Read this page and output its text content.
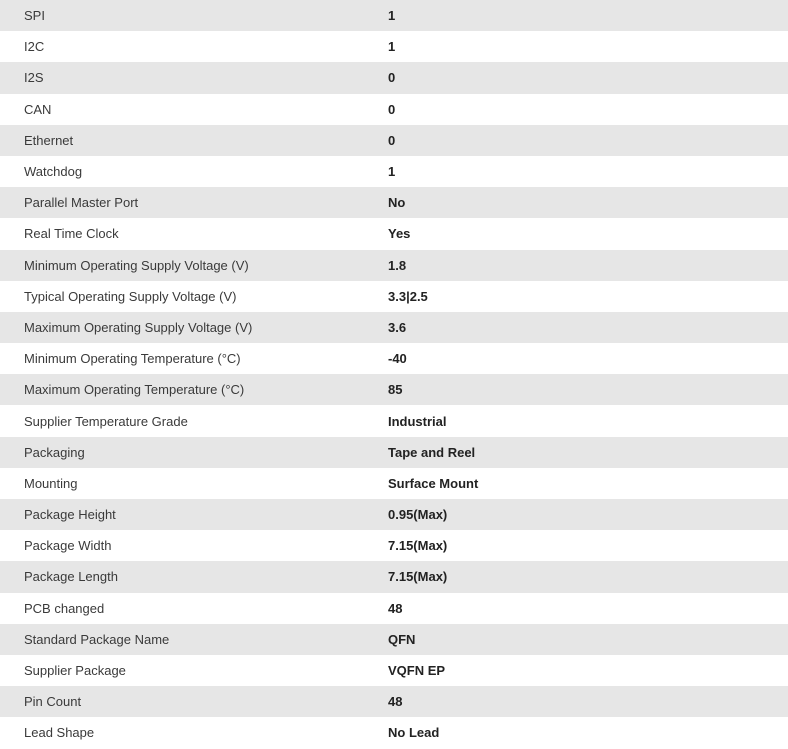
SPI	1
I2C	1
I2S	0
CAN	0
Ethernet	0
Watchdog	1
Parallel Master Port	No
Real Time Clock	Yes
Minimum Operating Supply Voltage (V)	1.8
Typical Operating Supply Voltage (V)	3.3|2.5
Maximum Operating Supply Voltage (V)	3.6
Minimum Operating Temperature (°C)	-40
Maximum Operating Temperature (°C)	85
Supplier Temperature Grade	Industrial
Packaging	Tape and Reel
Mounting	Surface Mount
Package Height	0.95(Max)
Package Width	7.15(Max)
Package Length	7.15(Max)
PCB changed	48
Standard Package Name	QFN
Supplier Package	VQFN EP
Pin Count	48
Lead Shape	No Lead
